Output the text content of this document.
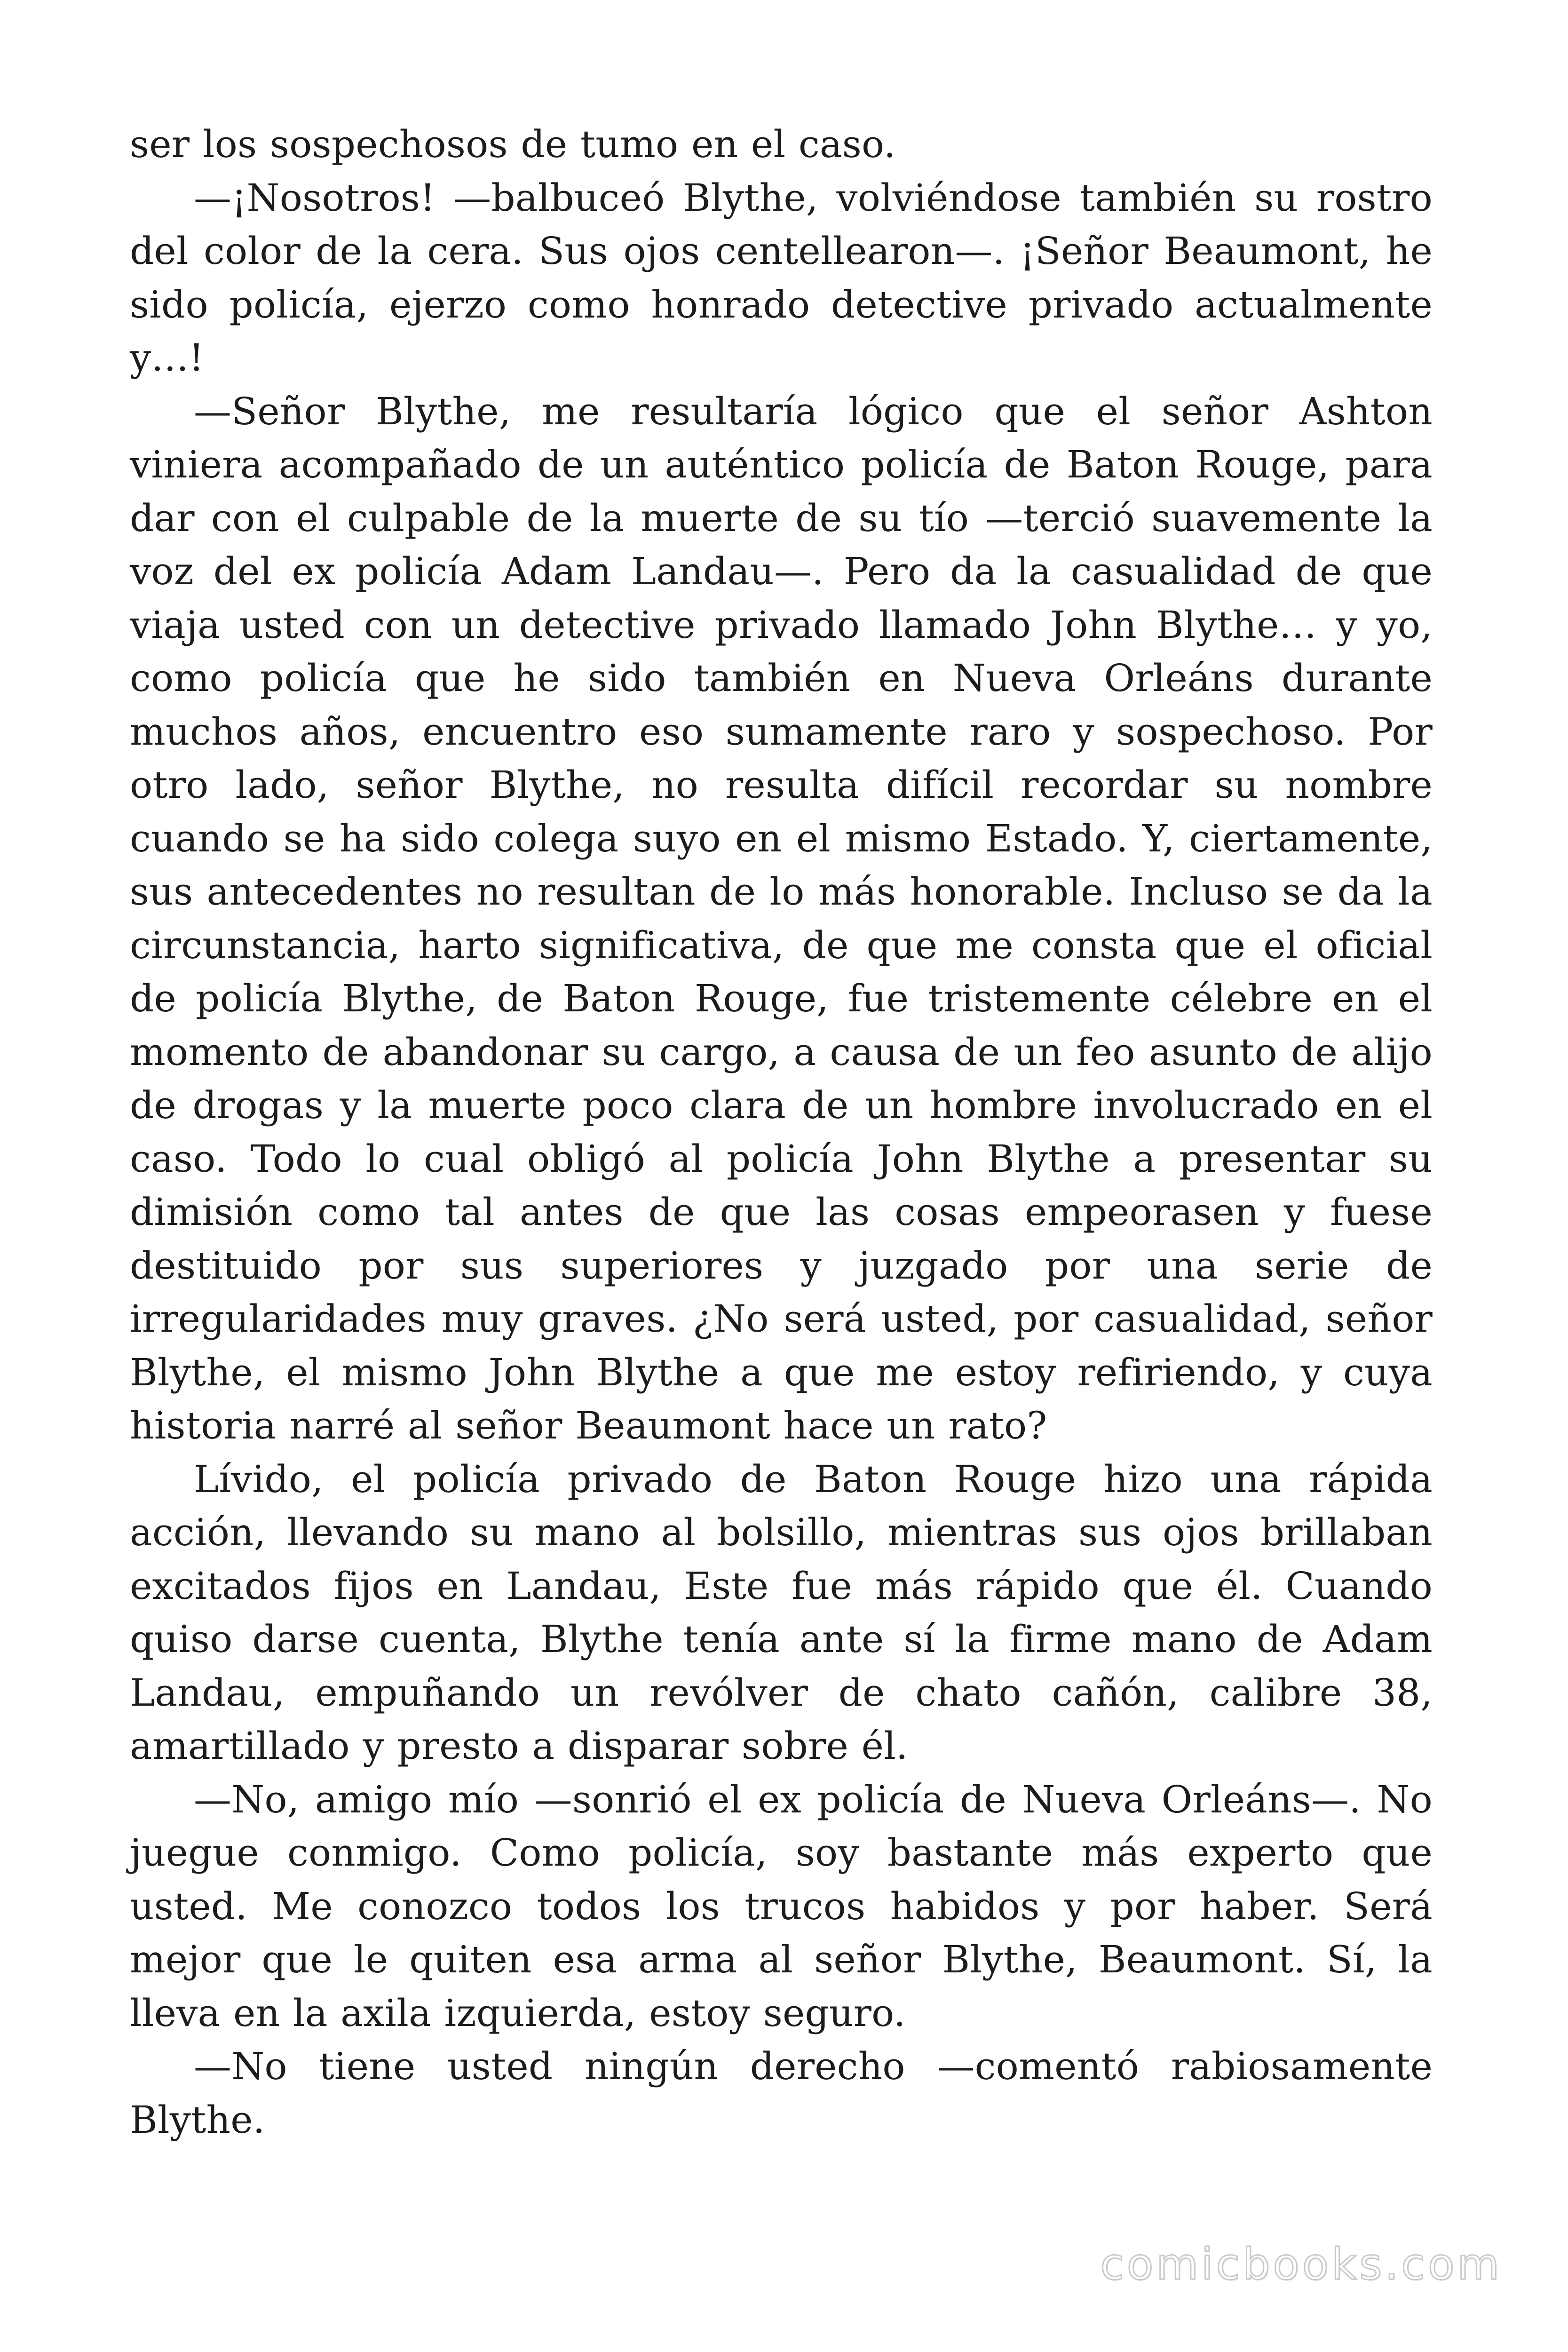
ser los sospechosos de tumo en el caso.

—¡Nosotros! —balbuceó Blythe, volviéndose también su rostro del color de la cera. Sus ojos centellearon—. ¡Señor Beaumont, he sido policía, ejerzo como honrado detective privado actualmente y…!

—Señor Blythe, me resultaría lógico que el señor Ashton viniera acompañado de un auténtico policía de Baton Rouge, para dar con el culpable de la muerte de su tío —terció suavemente la voz del ex policía Adam Landau—. Pero da la casualidad de que viaja usted con un detective privado llamado John Blythe… y yo, como policía que he sido también en Nueva Orleáns durante muchos años, encuentro eso sumamente raro y sospechoso. Por otro lado, señor Blythe, no resulta difícil recordar su nombre cuando se ha sido colega suyo en el mismo Estado. Y, ciertamente, sus antecedentes no resultan de lo más honorable. Incluso se da la circunstancia, harto significativa, de que me consta que el oficial de policía Blythe, de Baton Rouge, fue tristemente célebre en el momento de abandonar su cargo, a causa de un feo asunto de alijo de drogas y la muerte poco clara de un hombre involucrado en el caso. Todo lo cual obligó al policía John Blythe a presentar su dimisión como tal antes de que las cosas empeorasen y fuese destituido por sus superiores y juzgado por una serie de irregularidades muy graves. ¿No será usted, por casualidad, señor Blythe, el mismo John Blythe a que me estoy refiriendo, y cuya historia narré al señor Beaumont hace un rato?

Lívido, el policía privado de Baton Rouge hizo una rápida acción, llevando su mano al bolsillo, mientras sus ojos brillaban excitados fijos en Landau, Este fue más rápido que él. Cuando quiso darse cuenta, Blythe tenía ante sí la firme mano de Adam Landau, empuñando un revólver de chato cañón, calibre 38, amartillado y presto a disparar sobre él.

—No, amigo mío —sonrió el ex policía de Nueva Orleáns—. No juegue conmigo. Como policía, soy bastante más experto que usted. Me conozco todos los trucos habidos y por haber. Será mejor que le quiten esa arma al señor Blythe, Beaumont. Sí, la lleva en la axila izquierda, estoy seguro.

—No tiene usted ningún derecho —comentó rabiosamente Blythe.

comicbooks.com
